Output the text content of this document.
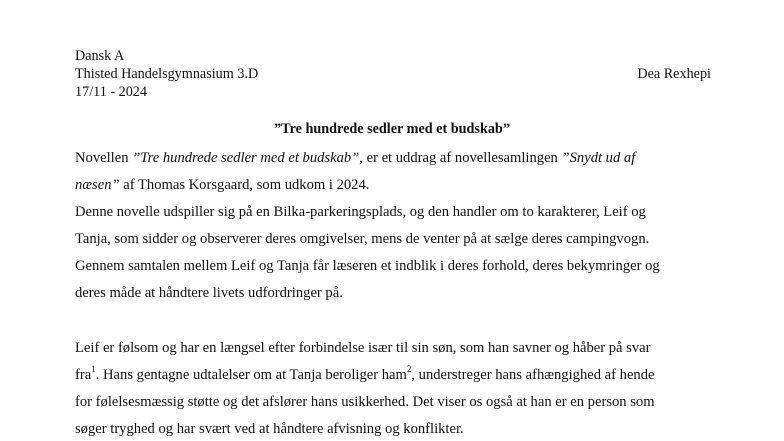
Dansk A
Thisted Handelsgymnasium 3.D	Dea Rexhepi
17/11 - 2024
”Tre hundrede sedler med et budskab”
Novellen ”Tre hundrede sedler med et budskab”, er et uddrag af novellesamlingen ”Snydt ud af
næsen” af Thomas Korsgaard, som udkom i 2024.
Denne novelle udspiller sig på en Bilka-parkeringsplads, og den handler om to karakterer, Leif og
Tanja, som sidder og observerer deres omgivelser, mens de venter på at sælge deres campingvogn.
Gennem samtalen mellem Leif og Tanja får læseren et indblik i deres forhold, deres bekymringer og
deres måde at håndtere livets udfordringer på.
Leif er følsom og har en længsel efter forbindelse især til sin søn, som han savner og håber på svar
fra$^1$. Hans gentagne udtalelser om at Tanja beroliger ham$^2$, understreger hans afhængighed af hende
for følelsesmæssig støtte og det afslører hans usikkerhed. Det viser os også at han er en person som
søger tryghed og har svært ved at håndtere afvisning og konflikter.
